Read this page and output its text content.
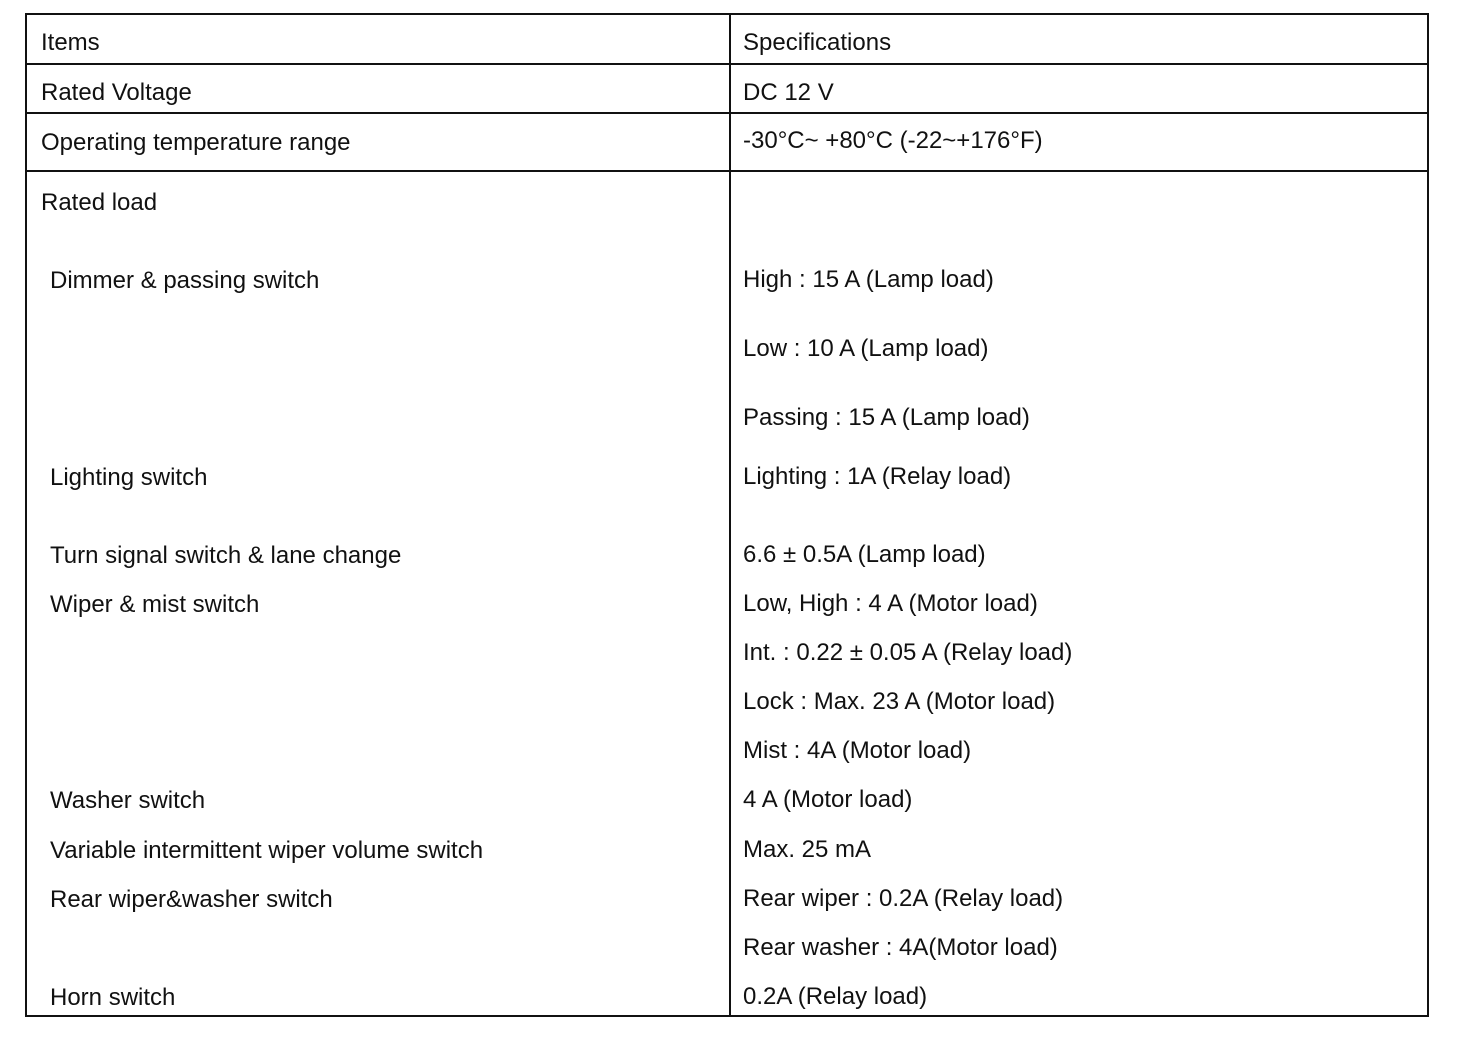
Items	Specifications
Rated Voltage	DC 12 V
Operating temperature range	-30°C~ +80°C (-22~+176°F)
Rated load
Dimmer & passing switch	High : 15 A (Lamp load)
Low : 10 A (Lamp load)
Passing : 15 A (Lamp load)
Lighting switch	Lighting : 1A (Relay load)
Turn signal switch & lane change	6.6 ± 0.5A (Lamp load)
Wiper & mist switch	Low, High : 4 A (Motor load)
Int. : 0.22 ± 0.05 A (Relay load)
Lock : Max. 23 A (Motor load)
Mist : 4A (Motor load)
Washer switch	4 A (Motor load)
Variable intermittent wiper volume switch	Max. 25 mA
Rear wiper&washer switch	Rear wiper : 0.2A (Relay load)
Rear washer : 4A(Motor load)
Horn switch	0.2A (Relay load)
